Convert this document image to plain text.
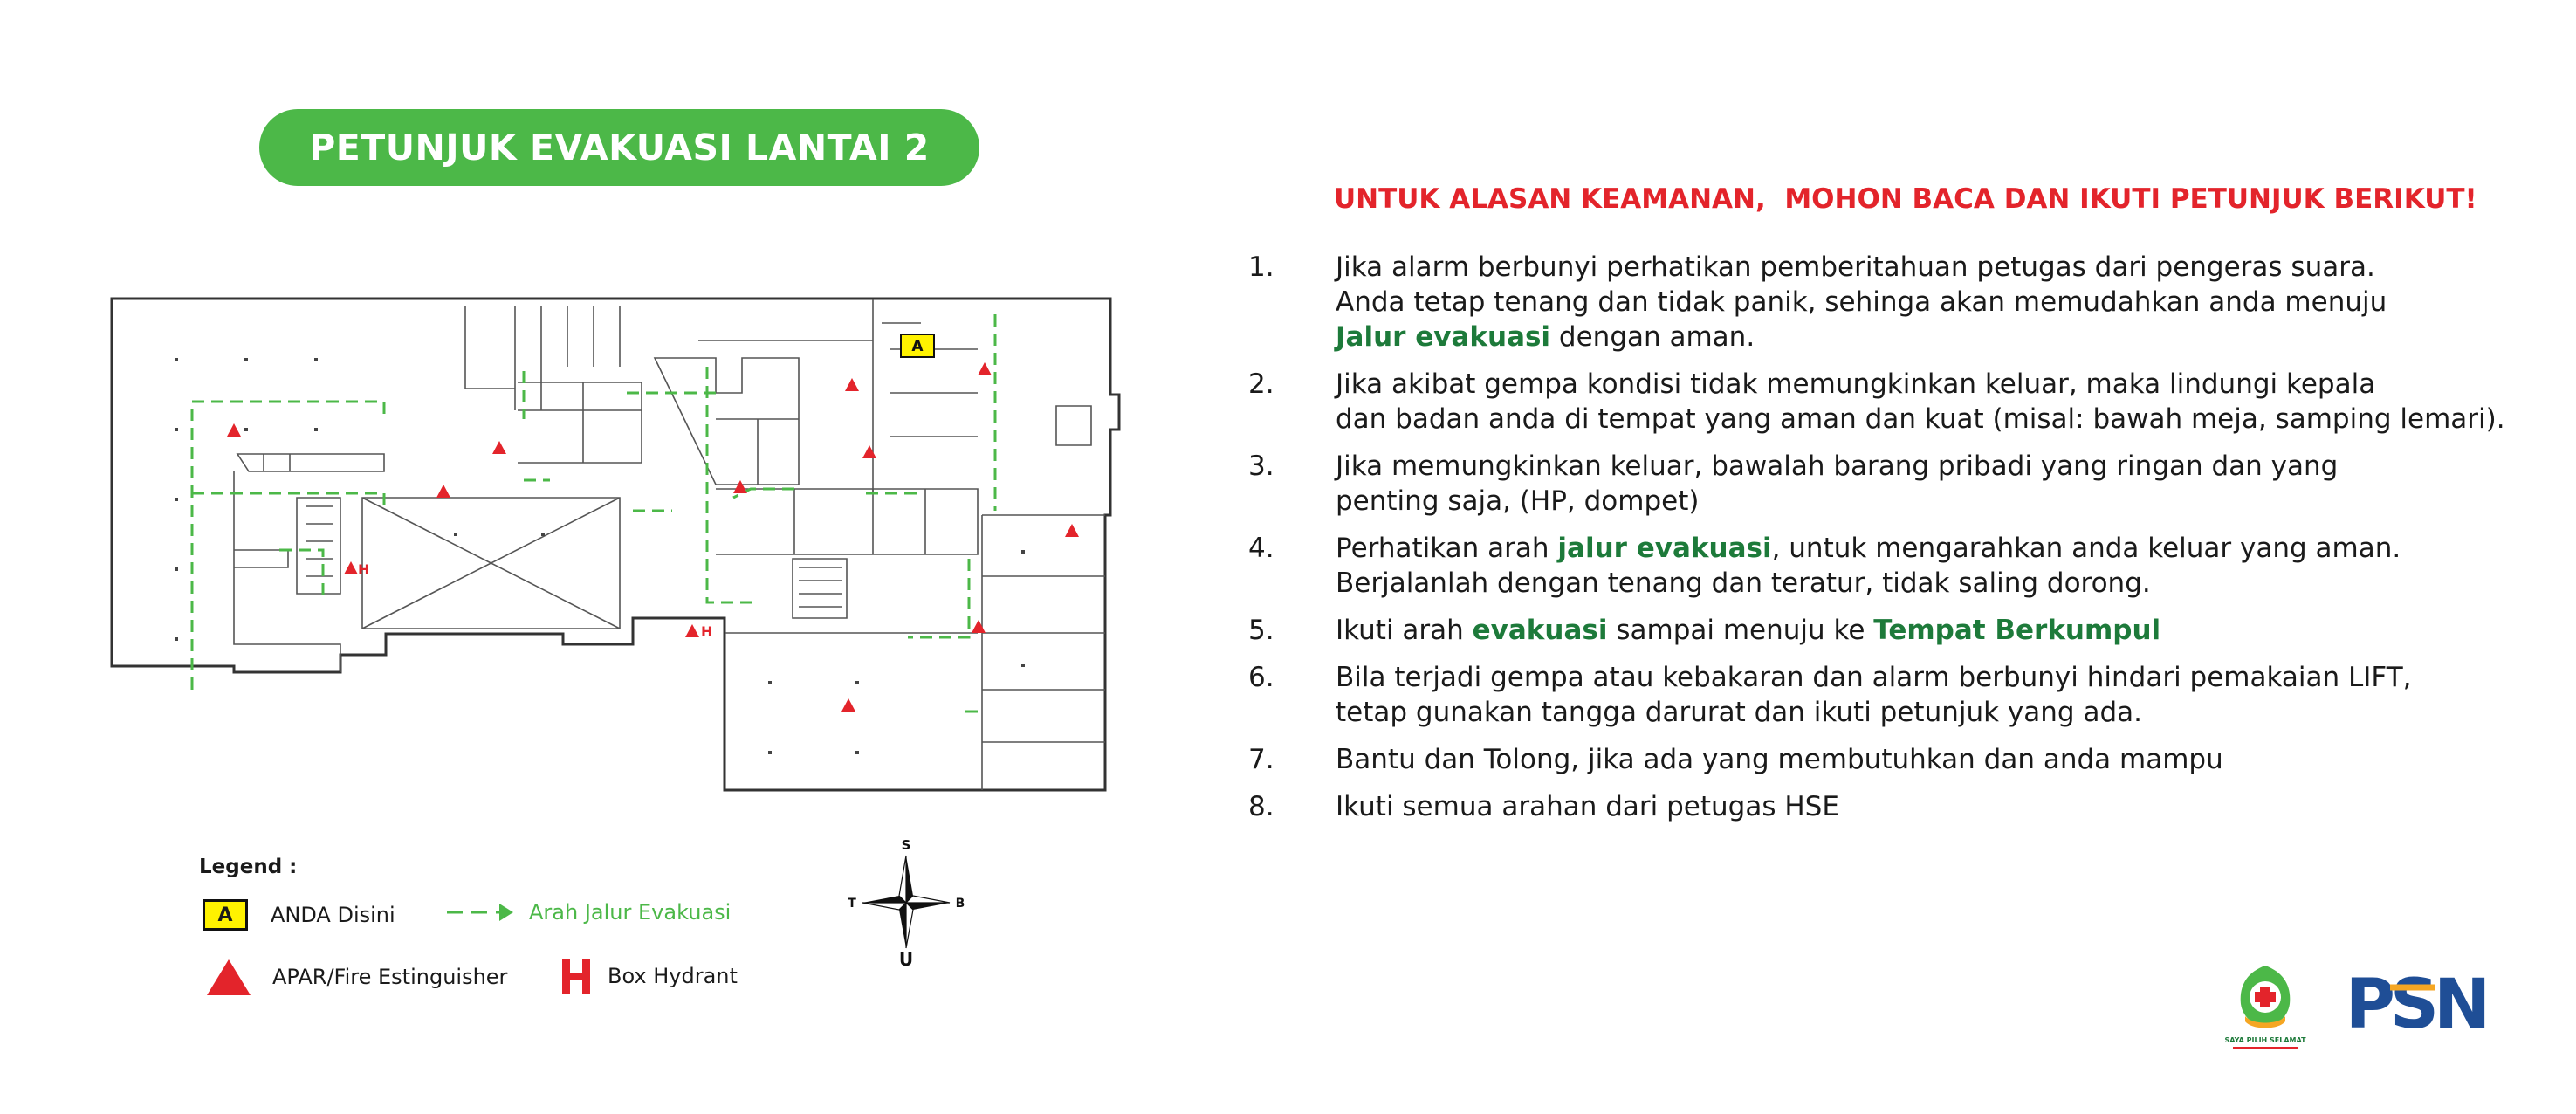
PETUNJUK EVAKUASI LANTAI 2
UNTUK ALASAN KEAMANAN,  MOHON BACA DAN IKUTI PETUNJUK BERIKUT!
1. Jika alarm berbunyi perhatikan pemberitahuan petugas dari pengeras suara.
Anda tetap tenang dan tidak panik, sehinga akan memudahkan anda menuju
Jalur evakuasi dengan aman.
2. Jika akibat gempa kondisi tidak memungkinkan keluar, maka lindungi kepala
dan badan anda di tempat yang aman dan kuat (misal: bawah meja, samping lemari).
3. Jika memungkinkan keluar, bawalah barang pribadi yang ringan dan yang
penting saja, (HP, dompet)
4. Perhatikan arah jalur evakuasi, untuk mengarahkan anda keluar yang aman.
Berjalanlah dengan tenang dan teratur, tidak saling dorong.
5. Ikuti arah evakuasi sampai menuju ke Tempat Berkumpul
6. Bila terjadi gempa atau kebakaran dan alarm berbunyi hindari pemakaian LIFT,
tetap gunakan tangga darurat dan ikuti petunjuk yang ada.
7. Bantu dan Tolong, jika ada yang membutuhkan dan anda mampu
8. Ikuti semua arahan dari petugas HSE
H
H
A
Legend :
A	ANDA Disini	Arah Jalur Evakuasi
APAR/Fire Estinguisher	Box Hydrant
S
U
T	B
SAYA PILIH SELAMAT PSN
